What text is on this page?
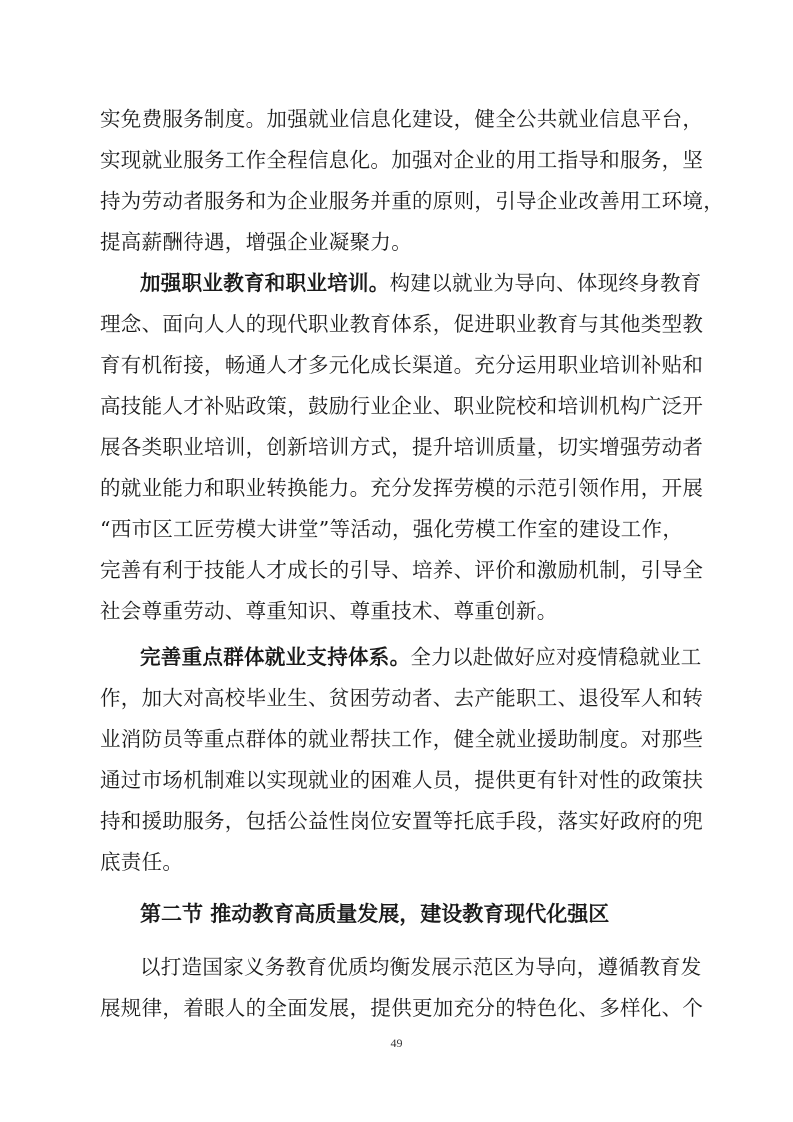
实免费服务制度。加强就业信息化建设，健全公共就业信息平台，
实现就业服务工作全程信息化。加强对企业的用工指导和服务，坚
持为劳动者服务和为企业服务并重的原则，引导企业改善用工环境，
提高薪酬待遇，增强企业凝聚力。
加强职业教育和职业培训。构建以就业为导向、体现终身教育
理念、面向人人的现代职业教育体系，促进职业教育与其他类型教
育有机衔接，畅通人才多元化成长渠道。充分运用职业培训补贴和
高技能人才补贴政策，鼓励行业企业、职业院校和培训机构广泛开
展各类职业培训，创新培训方式，提升培训质量，切实增强劳动者
的就业能力和职业转换能力。充分发挥劳模的示范引领作用，开展
“西市区工匠劳模大讲堂”等活动，强化劳模工作室的建设工作，
完善有利于技能人才成长的引导、培养、评价和激励机制，引导全
社会尊重劳动、尊重知识、尊重技术、尊重创新。
完善重点群体就业支持体系。全力以赴做好应对疫情稳就业工
作，加大对高校毕业生、贫困劳动者、去产能职工、退役军人和转
业消防员等重点群体的就业帮扶工作，健全就业援助制度。对那些
通过市场机制难以实现就业的困难人员，提供更有针对性的政策扶
持和援助服务，包括公益性岗位安置等托底手段，落实好政府的兜
底责任。
第二节 推动教育高质量发展，建设教育现代化强区
以打造国家义务教育优质均衡发展示范区为导向，遵循教育发
展规律，着眼人的全面发展，提供更加充分的特色化、多样化、个
49
